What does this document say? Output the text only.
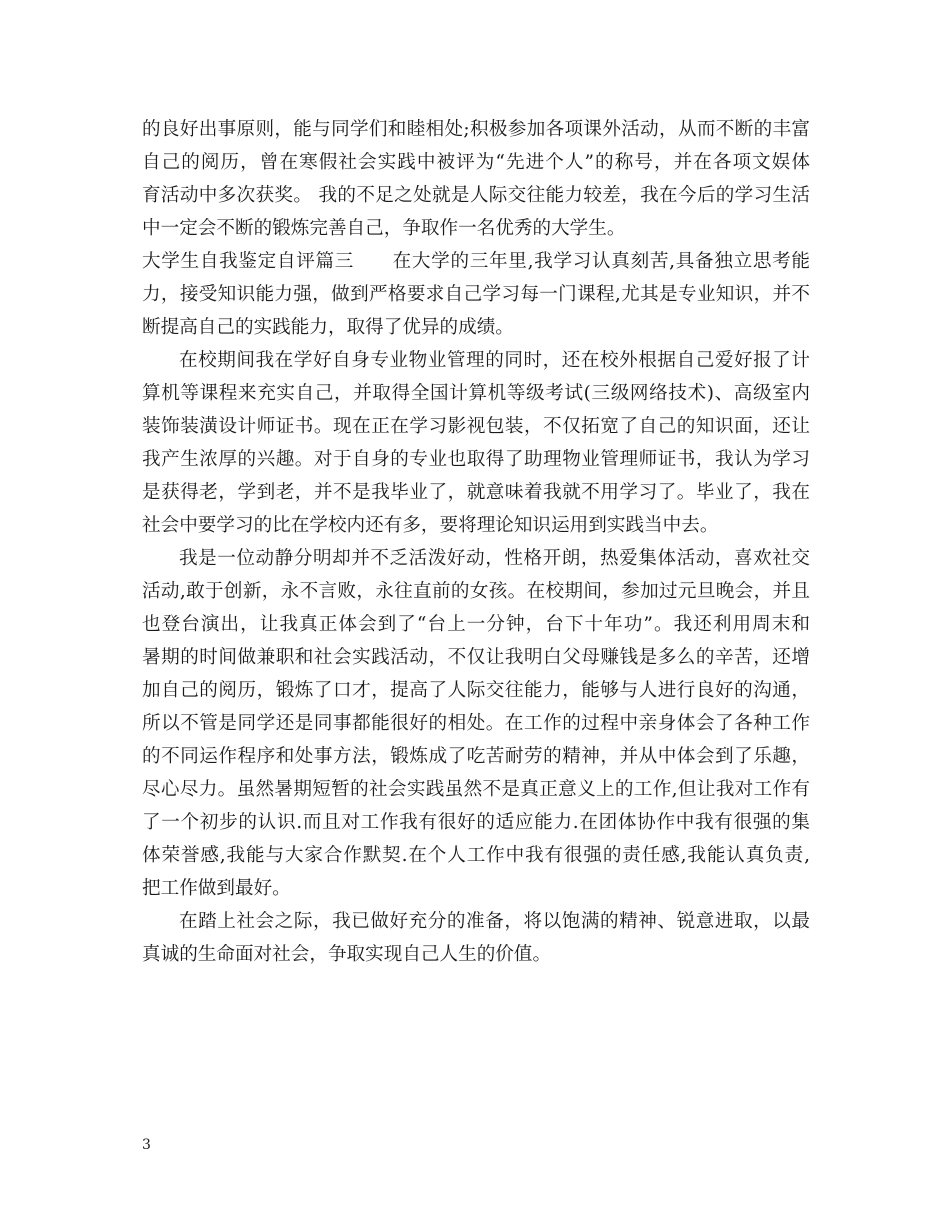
的良好出事原则，能与同学们和睦相处;积极参加各项课外活动，从而不断的丰富
自己的阅历，曾在寒假社会实践中被评为“先进个人”的称号，并在各项文娱体
育活动中多次获奖。 我的不足之处就是人际交往能力较差，我在今后的学习生活
中一定会不断的锻炼完善自己，争取作一名优秀的大学生。
大学生自我鉴定自评篇三　　在大学的三年里,我学习认真刻苦,具备独立思考能
力，接受知识能力强，做到严格要求自己学习每一门课程,尤其是专业知识，并不
断提高自己的实践能力，取得了优异的成绩。
在校期间我在学好自身专业物业管理的同时，还在校外根据自己爱好报了计
算机等课程来充实自己，并取得全国计算机等级考试(三级网络技术)、高级室内
装饰装潢设计师证书。现在正在学习影视包装，不仅拓宽了自己的知识面，还让
我产生浓厚的兴趣。对于自身的专业也取得了助理物业管理师证书，我认为学习
是获得老，学到老，并不是我毕业了，就意味着我就不用学习了。毕业了，我在
社会中要学习的比在学校内还有多，要将理论知识运用到实践当中去。
我是一位动静分明却并不乏活泼好动，性格开朗，热爱集体活动，喜欢社交
活动,敢于创新，永不言败，永往直前的女孩。在校期间，参加过元旦晚会，并且
也登台演出，让我真正体会到了“台上一分钟，台下十年功”。我还利用周末和
暑期的时间做兼职和社会实践活动，不仅让我明白父母赚钱是多么的辛苦，还增
加自己的阅历，锻炼了口才，提高了人际交往能力，能够与人进行良好的沟通，
所以不管是同学还是同事都能很好的相处。在工作的过程中亲身体会了各种工作
的不同运作程序和处事方法，锻炼成了吃苦耐劳的精神，并从中体会到了乐趣，
尽心尽力。虽然暑期短暂的社会实践虽然不是真正意义上的工作,但让我对工作有
了一个初步的认识.而且对工作我有很好的适应能力.在团体协作中我有很强的集
体荣誉感,我能与大家合作默契.在个人工作中我有很强的责任感,我能认真负责,
把工作做到最好。
在踏上社会之际，我已做好充分的准备，将以饱满的精神、锐意进取，以最
真诚的生命面对社会，争取实现自己人生的价值。
3
